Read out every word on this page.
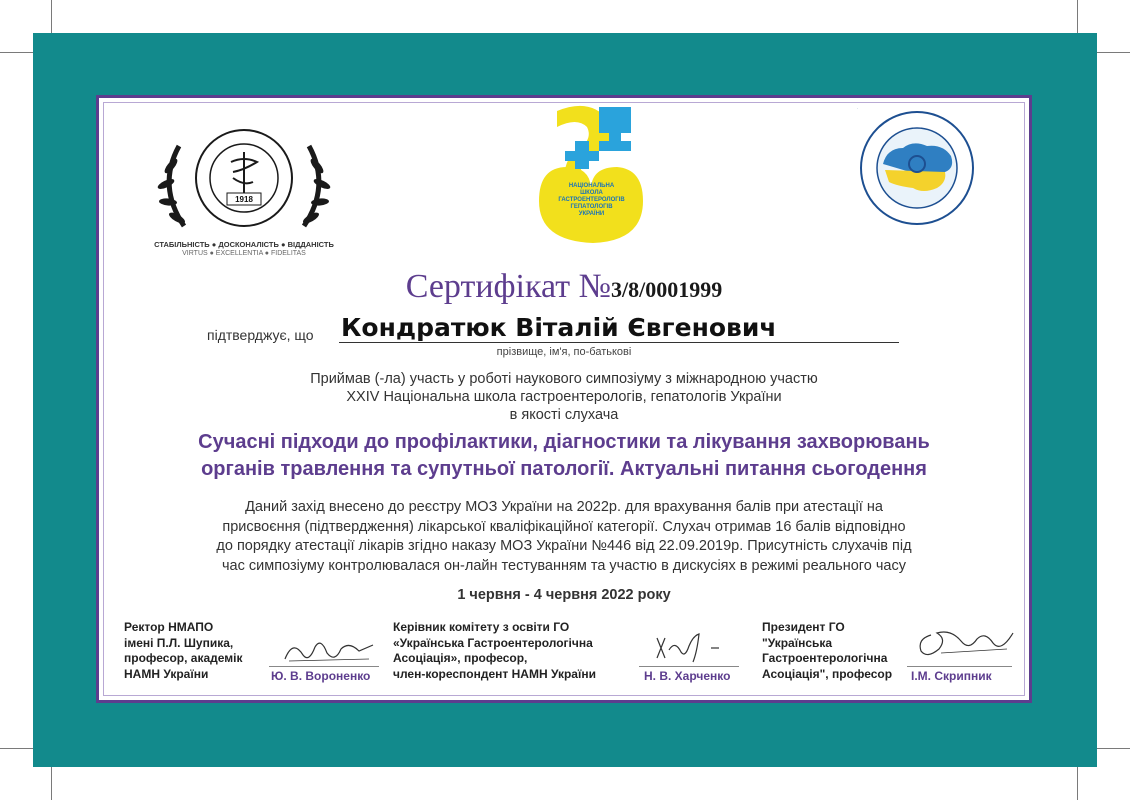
1918
СТАБІЛЬНІСТЬ ● ДОСКОНАЛІСТЬ ● ВІДДАНІСТЬ
VIRTUS ● EXCELLENTIA ● FIDELITAS
НАЦІОНАЛЬНА
ШКОЛА
ГАСТРОЕНТЕРОЛОГІВ
ГЕПАТОЛОГІВ
УКРАЇНИ
Сертифікат №3/8/0001999
підтверджує, що Кондратюк Віталій Євгенович
прізвище, ім'я, по-батькові
Приймав (-ла) участь у роботі наукового симпозіуму з міжнародною участю
XXIV Національна школа гастроентерологів, гепатологів України
в якості слухача
Сучасні підходи до профілактики, діагностики та лікування захворювань
органів травлення та супутньої патології. Актуальні питання сьогодення
Даний захід внесено до реєстру МОЗ України на 2022р. для врахування балів при атестації на
присвоєння (підтвердження) лікарської кваліфікаційної категорії. Слухач отримав 16 балів відповідно
до порядку атестації лікарів згідно наказу МОЗ України №446 від 22.09.2019р. Присутність слухачів під
час симпозіуму контролювалася он-лайн тестуванням та участю в дискусіях в режимі реального часу
1 червня - 4 червня 2022 року
Ректор НМАПО
імені П.Л. Шупика,
професор, академік
НАМН України	Ю. В. Вороненко
Керівник комітету з освіти ГО
«Українська Гастроентерологічна
Асоціація», професор,
член-кореспондент НАМН України	Н. В. Харченко
Президент ГО
"Українська
Гастроентерологічна
Асоціація", професор І.М. Скрипник
